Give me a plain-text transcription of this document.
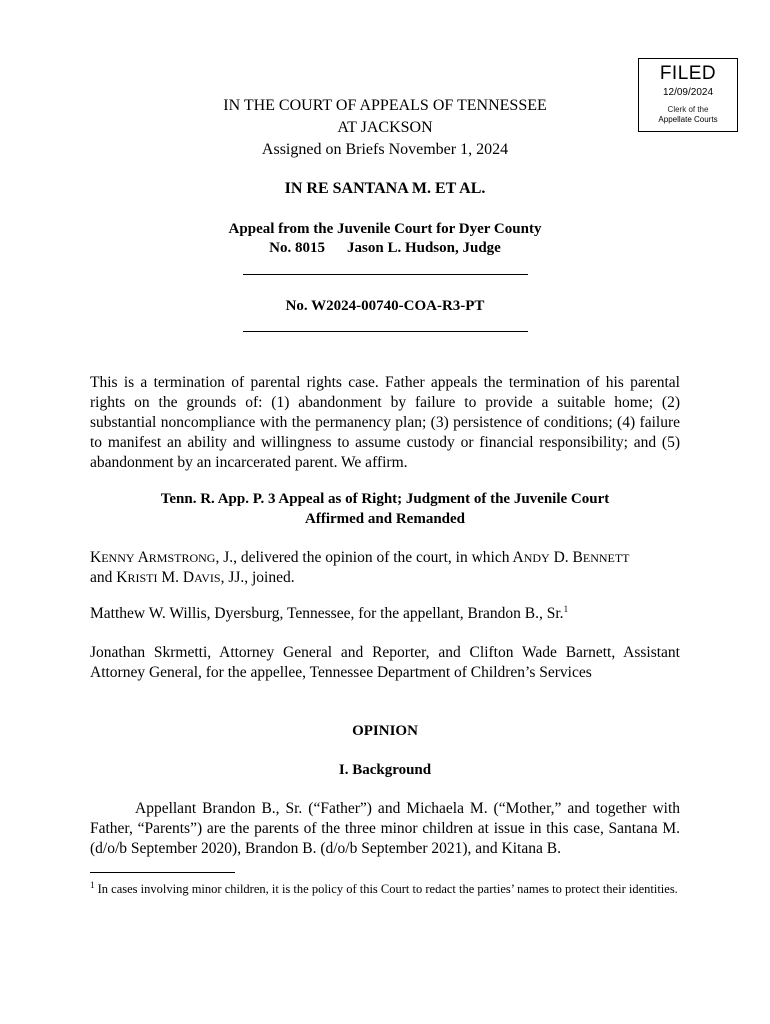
FILED
12/09/2024
Clerk of the
Appellate Courts
IN THE COURT OF APPEALS OF TENNESSEE
AT JACKSON
Assigned on Briefs November 1, 2024
IN RE SANTANA M. ET AL.
Appeal from the Juvenile Court for Dyer County
No. 8015 Jason L. Hudson, Judge
No. W2024-00740-COA-R3-PT
This is a termination of parental rights case. Father appeals the termination of his parental rights on the grounds of: (1) abandonment by failure to provide a suitable home; (2) substantial noncompliance with the permanency plan; (3) persistence of conditions; (4) failure to manifest an ability and willingness to assume custody or financial responsibility; and (5) abandonment by an incarcerated parent. We affirm.
Tenn. R. App. P. 3 Appeal as of Right; Judgment of the Juvenile Court
Affirmed and Remanded
KENNY ARMSTRONG, J., delivered the opinion of the court, in which ANDY D. BENNETT
and KRISTI M. DAVIS, JJ., joined.
Matthew W. Willis, Dyersburg, Tennessee, for the appellant, Brandon B., Sr.$^1$
Jonathan Skrmetti, Attorney General and Reporter, and Clifton Wade Barnett, Assistant Attorney General, for the appellee, Tennessee Department of Children’s Services
OPINION
I. Background
Appellant Brandon B., Sr. (“Father”) and Michaela M. (“Mother,” and together with Father, “Parents”) are the parents of the three minor children at issue in this case, Santana M. (d/o/b September 2020), Brandon B. (d/o/b September 2021), and Kitana B.
$^1$ In cases involving minor children, it is the policy of this Court to redact the parties’ names to protect their identities.
